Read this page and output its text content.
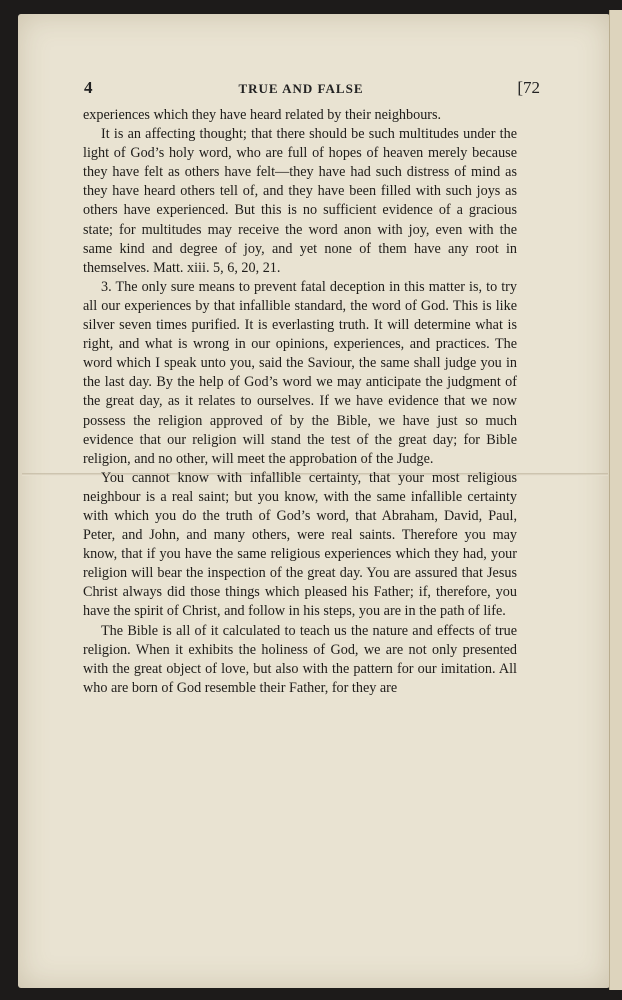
4	TRUE AND FALSE	[72

experiences which they have heard related by their neighbours.

It is an affecting thought; that there should be such multitudes under the light of God’s holy word, who are full of hopes of heaven merely because they have felt as others have felt—they have had such distress of mind as they have heard others tell of, and they have been filled with such joys as others have experienced. But this is no sufficient evidence of a gracious state; for multitudes may receive the word anon with joy, even with the same kind and degree of joy, and yet none of them have any root in themselves. Matt. xiii. 5, 6, 20, 21.

3. The only sure means to prevent fatal deception in this matter is, to try all our experiences by that infallible standard, the word of God. This is like silver seven times purified. It is everlasting truth. It will determine what is right, and what is wrong in our opinions, experiences, and practices. The word which I speak unto you, said the Saviour, the same shall judge you in the last day. By the help of God’s word we may anticipate the judgment of the great day, as it relates to ourselves. If we have evidence that we now possess the religion approved of by the Bible, we have just so much evidence that our religion will stand the test of the great day; for Bible religion, and no other, will meet the approbation of the Judge.

You cannot know with infallible certainty, that your most religious neighbour is a real saint; but you know, with the same infallible certainty with which you do the truth of God’s word, that Abraham, David, Paul, Peter, and John, and many others, were real saints. Therefore you may know, that if you have the same religious experiences which they had, your religion will bear the inspection of the great day. You are assured that Jesus Christ always did those things which pleased his Father; if, therefore, you have the spirit of Christ, and follow in his steps, you are in the path of life.

The Bible is all of it calculated to teach us the nature and effects of true religion. When it exhibits the holiness of God, we are not only presented with the great object of love, but also with the pattern for our imitation. All who are born of God resemble their Father, for they are
